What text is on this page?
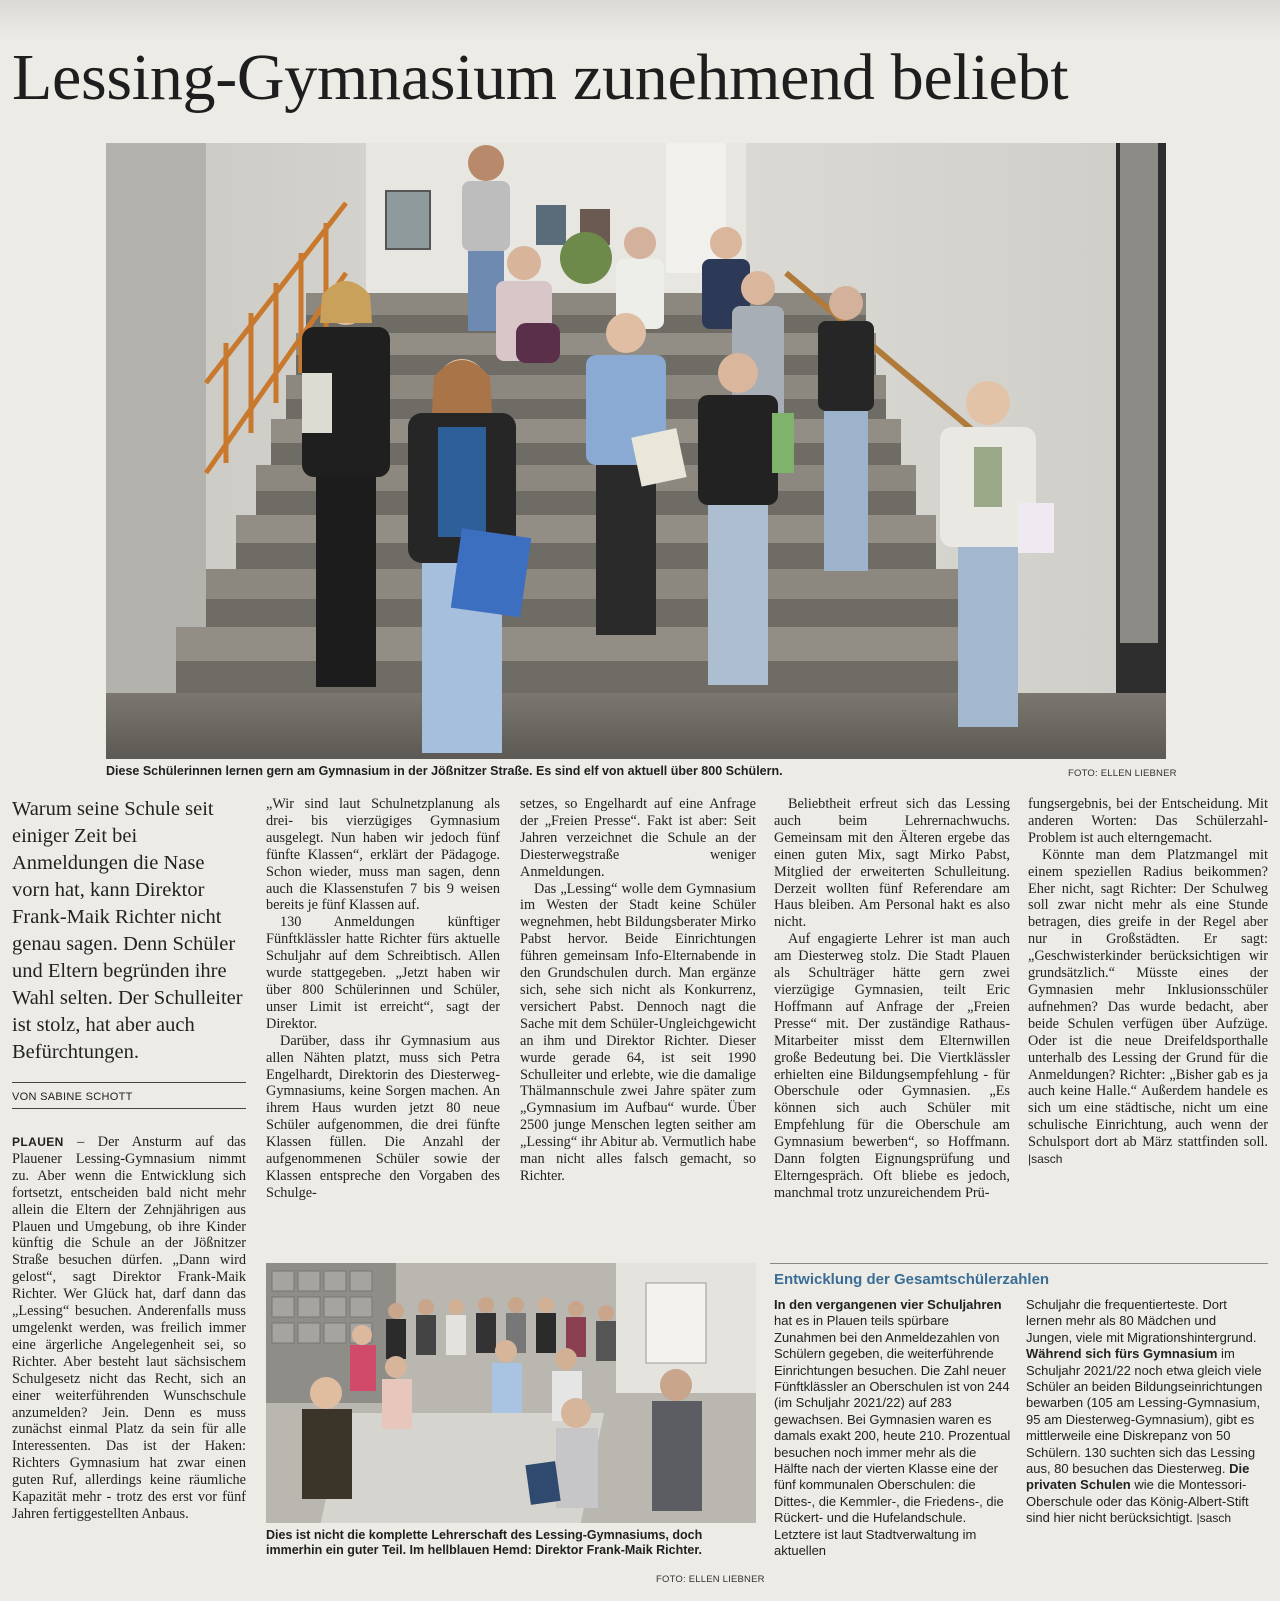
Lessing-Gymnasium zunehmend beliebt
Diese Schülerinnen lernen gern am Gymnasium in der Jößnitzer Straße. Es sind elf von aktuell über 800 Schülern.	FOTO: ELLEN LIEBNER
Warum seine Schule seit einiger Zeit bei Anmeldungen die Nase vorn hat, kann Direktor Frank-Maik Richter nicht genau sagen. Denn Schüler und Eltern begründen ihre Wahl selten. Der Schulleiter ist stolz, hat aber auch Befürchtungen.
VON SABINE SCHOTT

PLAUEN – Der Ansturm auf das Plauener Lessing-Gymnasium nimmt zu. Aber wenn die Entwicklung sich fortsetzt, entscheiden bald nicht mehr allein die Eltern der Zehnjährigen aus Plauen und Umgebung, ob ihre Kinder künftig die Schule an der Jößnitzer Straße besuchen dürfen. „Dann wird gelost“, sagt Direktor Frank-Maik Richter. Wer Glück hat, darf dann das „Lessing“ besuchen. Anderenfalls muss umgelenkt werden, was freilich immer eine ärgerliche Angelegenheit sei, so Richter. Aber besteht laut sächsischem Schulgesetz nicht das Recht, sich an einer weiterführenden Wunschschule anzumelden? Jein. Denn es muss zunächst einmal Platz da sein für alle Interessenten. Das ist der Haken: Richters Gymnasium hat zwar einen guten Ruf, allerdings keine räumliche Kapazität mehr - trotz des erst vor fünf Jahren fertiggestellten Anbaus.

„Wir sind laut Schulnetzplanung als drei- bis vierzügiges Gymnasium ausgelegt. Nun haben wir jedoch fünf fünfte Klassen“, erklärt der Pädagoge. Schon wieder, muss man sagen, denn auch die Klassenstufen 7 bis 9 weisen bereits je fünf Klassen auf.

130 Anmeldungen künftiger Fünftklässler hatte Richter fürs aktuelle Schuljahr auf dem Schreibtisch. Allen wurde stattgegeben. „Jetzt haben wir über 800 Schülerinnen und Schüler, unser Limit ist erreicht“, sagt der Direktor.

Darüber, dass ihr Gymnasium aus allen Nähten platzt, muss sich Petra Engelhardt, Direktorin des Diesterweg-Gymnasiums, keine Sorgen machen. An ihrem Haus wurden jetzt 80 neue Schüler aufgenommen, die drei fünfte Klassen füllen. Die Anzahl der aufgenommenen Schüler sowie der Klassen entspreche den Vorgaben des Schulge-

setzes, so Engelhardt auf eine Anfrage der „Freien Presse“. Fakt ist aber: Seit Jahren verzeichnet die Schule an der Diesterwegstraße weniger Anmeldungen.

Das „Lessing“ wolle dem Gymnasium im Westen der Stadt keine Schüler wegnehmen, hebt Bildungsberater Mirko Pabst hervor. Beide Einrichtungen führen gemeinsam Info-Elternabende in den Grundschulen durch. Man ergänze sich, sehe sich nicht als Konkurrenz, versichert Pabst. Dennoch nagt die Sache mit dem Schüler-Ungleichgewicht an ihm und Direktor Richter. Dieser wurde gerade 64, ist seit 1990 Schulleiter und erlebte, wie die damalige Thälmannschule zwei Jahre später zum „Gymnasium im Aufbau“ wurde. Über 2500 junge Menschen legten seither am „Lessing“ ihr Abitur ab. Vermutlich habe man nicht alles falsch gemacht, so Richter.

Beliebtheit erfreut sich das Lessing auch beim Lehrernachwuchs. Gemeinsam mit den Älteren ergebe das einen guten Mix, sagt Mirko Pabst, Mitglied der erweiterten Schulleitung. Derzeit wollten fünf Referendare am Haus bleiben. Am Personal hakt es also nicht.

Auf engagierte Lehrer ist man auch am Diesterweg stolz. Die Stadt Plauen als Schulträger hätte gern zwei vierzügige Gymnasien, teilt Eric Hoffmann auf Anfrage der „Freien Presse“ mit. Der zuständige Rathaus-Mitarbeiter misst dem Elternwillen große Bedeutung bei. Die Viertklässler erhielten eine Bildungsempfehlung - für Oberschule oder Gymnasien. „Es können sich auch Schüler mit Empfehlung für die Oberschule am Gymnasium bewerben“, so Hoffmann. Dann folgten Eignungsprüfung und Elterngespräch. Oft bliebe es jedoch, manchmal trotz unzureichendem Prü-

fungsergebnis, bei der Entscheidung. Mit anderen Worten: Das Schülerzahl-Problem ist auch elterngemacht.

Könnte man dem Platzmangel mit einem speziellen Radius beikommen? Eher nicht, sagt Richter: Der Schulweg soll zwar nicht mehr als eine Stunde betragen, dies greife in der Regel aber nur in Großstädten. Er sagt: „Geschwisterkinder berücksichtigen wir grundsätzlich.“ Müsste eines der Gymnasien mehr Inklusionsschüler aufnehmen? Das wurde bedacht, aber beide Schulen verfügen über Aufzüge. Oder ist die neue Dreifeldsporthalle unterhalb des Lessing der Grund für die Anmeldungen? Richter: „Bisher gab es ja auch keine Halle.“ Außerdem handele es sich um eine städtische, nicht um eine schulische Einrichtung, auch wenn der Schulsport dort ab März stattfinden soll. |sasch

Dies ist nicht die komplette Lehrerschaft des Lessing-Gymnasiums, doch immerhin ein guter Teil. Im hellblauen Hemd: Direktor Frank-Maik Richter.
FOTO: ELLEN LIEBNER
Entwicklung der Gesamtschülerzahlen
In den vergangenen vier Schuljahren hat es in Plauen teils spürbare Zunahmen bei den Anmeldezahlen von Schülern gegeben, die weiterführende Einrichtungen besuchen. Die Zahl neuer Fünftklässler an Oberschulen ist von 244 (im Schuljahr 2021/22) auf 283 gewachsen. Bei Gymnasien waren es damals exakt 200, heute 210. Prozentual besuchen noch immer mehr als die Hälfte nach der vierten Klasse eine der fünf kommunalen Oberschulen: die Dittes-, die Kemmler-, die Friedens-, die Rückert- und die Hufelandschule. Letztere ist laut Stadtverwaltung im aktuellen
Schuljahr die frequentierteste. Dort lernen mehr als 80 Mädchen und Jungen, viele mit Migrationshintergrund. Während sich fürs Gymnasium im Schuljahr 2021/22 noch etwa gleich viele Schüler an beiden Bildungseinrichtungen bewarben (105 am Lessing-Gymnasium, 95 am Diesterweg-Gymnasium), gibt es mittlerweile eine Diskrepanz von 50 Schülern. 130 suchten sich das Lessing aus, 80 besuchen das Diesterweg. Die privaten Schulen wie die Montessori-Oberschule oder das König-Albert-Stift sind hier nicht berücksichtigt. |sasch
